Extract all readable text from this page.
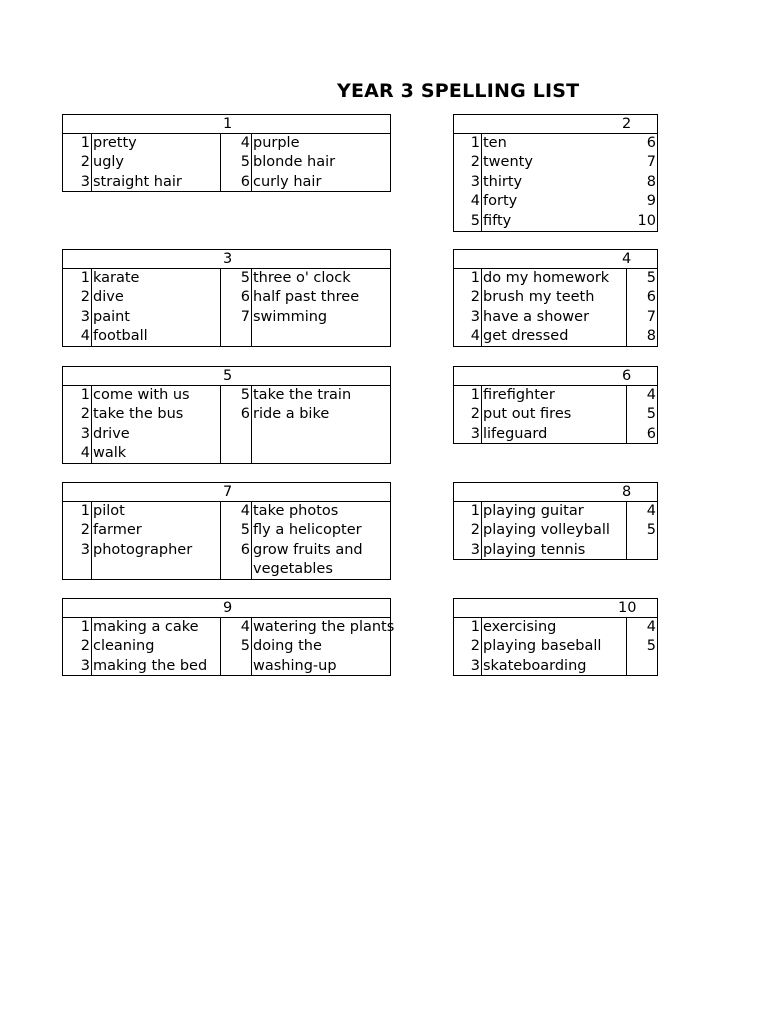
YEAR 3 SPELLING LIST
1
1
2
3
pretty
ugly
straight hair
4
5
6
purple
blonde hair
curly hair
3
1
2
3
4
karate
dive
paint
football
5
6
7
three o' clock
half past three
swimming
5
1
2
3
4
come with us
take the bus
drive
walk
5
6
take the train
ride a bike
7
1
2
3
pilot
farmer
photographer
4
5
6
take photos
fly a helicopter
grow fruits and
vegetables
9
1
2
3
making a cake
cleaning
making the bed
4
5
watering the plants
doing the
washing-up
2
1
2
3
4
5
ten
twenty
thirty
forty
fifty
6
7
8
9
10
4
1
2
3
4
do my homework
brush my teeth
have a shower
get dressed
5
6
7
8
6
1
2
3
firefighter
put out fires
lifeguard
4
5
6
8
1
2
3
playing guitar
playing volleyball
playing tennis
4
5
10
1
2
3
exercising
playing baseball
skateboarding
4
5
